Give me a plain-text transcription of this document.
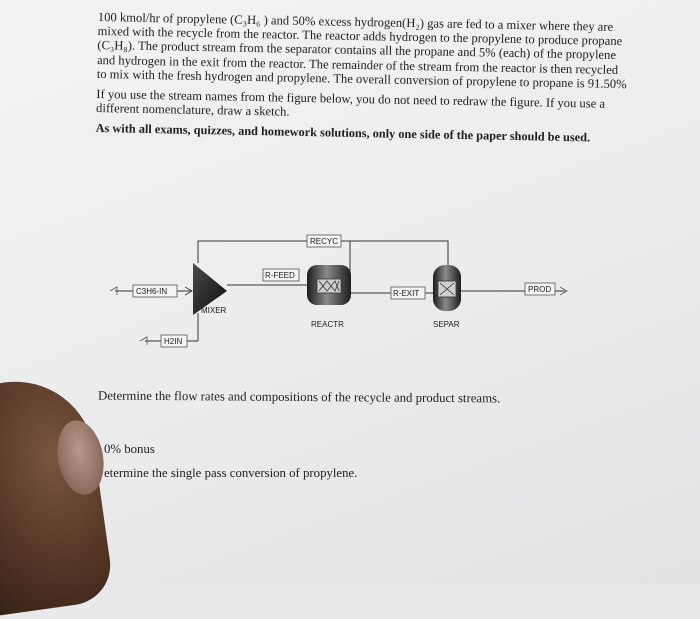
100 kmol/hr of propylene (C₃H₆ ) and 50% excess hydrogen(H₂) gas are fed to a mixer where they are mixed with the recycle from the reactor. The reactor adds hydrogen to the propylene to produce propane (C₃H₈). The product stream from the separator contains all the propane and 5% (each) of the propylene and hydrogen in the exit from the reactor. The remainder of the stream from the reactor is then recycled to mix with the fresh hydrogen and propylene. The overall conversion of propylene to propane is 91.50%

If you use the stream names from the figure below, you do not need to redraw the figure. If you use a different nomenclature, draw a sketch.

As with all exams, quizzes, and homework solutions, only one side of the paper should be used.

RECYC
C3H6-IN
H2IN
MIXER
R-FEED
REACTR
R-EXIT
SEPAR
PROD
Determine the flow rates and compositions of the recycle and product streams.
0% bonus
etermine the single pass conversion of propylene.
